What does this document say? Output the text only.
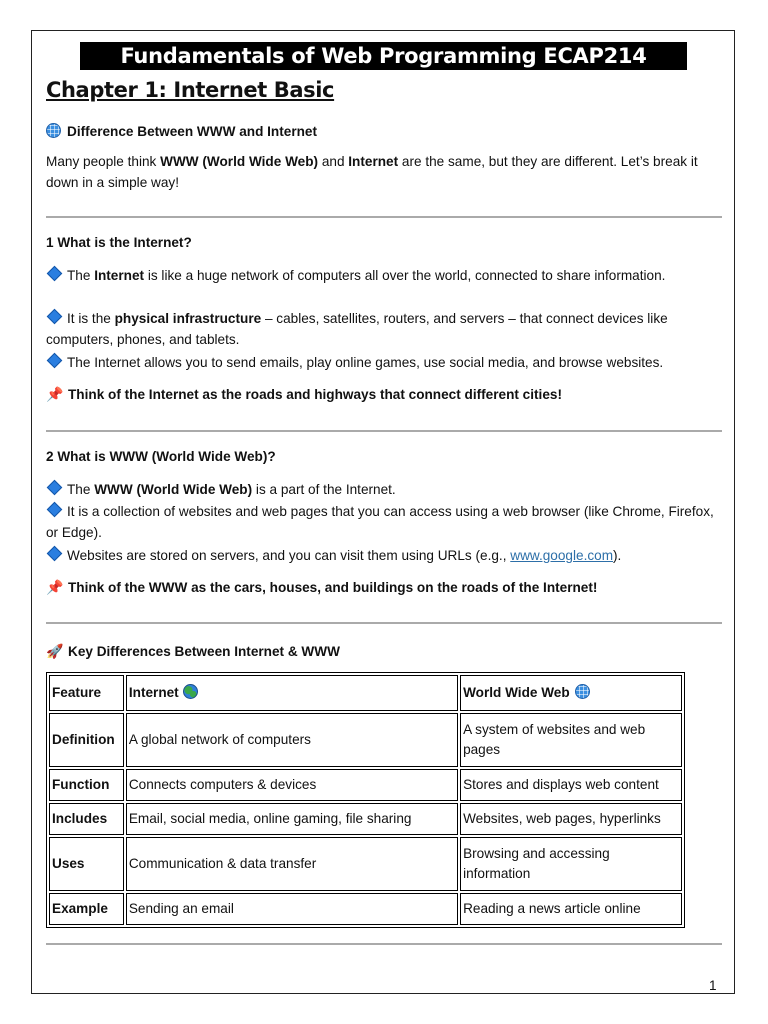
Fundamentals of Web Programming ECAP214
Chapter 1: Internet Basic
Difference Between WWW and Internet
Many people think WWW (World Wide Web) and Internet are the same, but they are different. Let’s break it down in a simple way!
1 What is the Internet?
The Internet is like a huge network of computers all over the world, connected to share information.
It is the physical infrastructure – cables, satellites, routers, and servers – that connect devices like computers, phones, and tablets.
The Internet allows you to send emails, play online games, use social media, and browse websites.
📌 Think of the Internet as the roads and highways that connect different cities!
2 What is WWW (World Wide Web)?
The WWW (World Wide Web) is a part of the Internet.
It is a collection of websites and web pages that you can access using a web browser (like Chrome, Firefox, or Edge).
Websites are stored on servers, and you can visit them using URLs (e.g., www.google.com).
📌 Think of the WWW as the cars, houses, and buildings on the roads of the Internet!
🚀 Key Differences Between Internet & WWW
Feature	Internet	World Wide Web
Definition	A global network of computers	A system of websites and web pages
Function	Connects computers & devices	Stores and displays web content
Includes	Email, social media, online gaming, file sharing	Websites, web pages, hyperlinks
Uses	Communication & data transfer	Browsing and accessing information
Example	Sending an email	Reading a news article online
1
